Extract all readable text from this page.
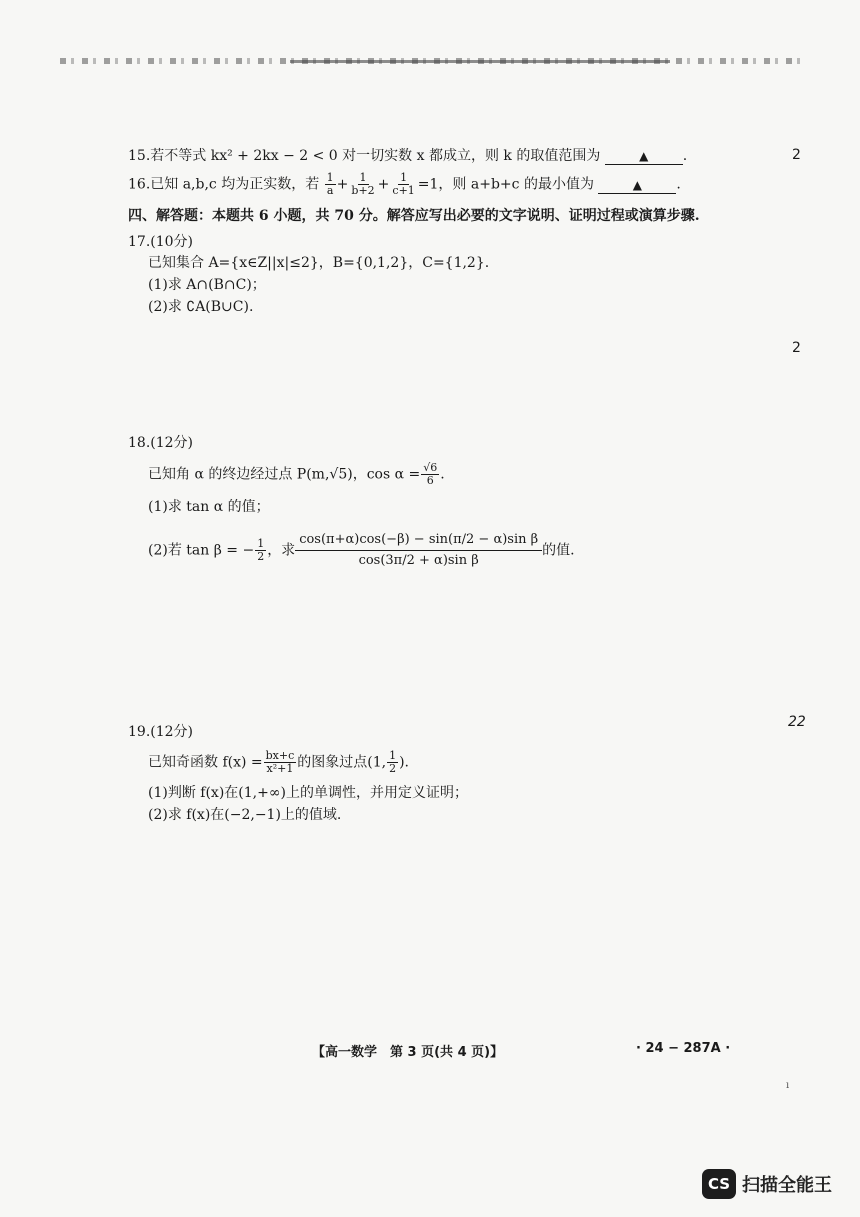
2
2
22
15.若不等式 kx² + 2kx − 2 < 0 对一切实数 x 都成立，则 k 的取值范围为	▲ .
16.已知 a,b,c 均为正实数，若 $\frac{1}{a} + \frac{1}{b+2} + \frac{1}{c+1} =1$，则 a+b+c 的最小值为	▲ .
四、解答题：本题共 6 小题，共 70 分。解答应写出必要的文字说明、证明过程或演算步骤.
17.(10分)
已知集合 A={x∈Z||x|≤2}，B={0,1,2}，C={1,2}.
(1)求 A∩(B∩C)；
(2)求 ∁A(B∪C).
18.(12分)
已知角 α 的终边经过点 P(m,√5)，$\cos \alpha = \frac{√6}{6}$ .
(1)求 tan α 的值；
(2)若 tan β = − $\frac{1}{2}$ ，求 $\frac{\text{cos(π+α)cos(−β) − sin(π/2 − α)sin β}}{\text{cos(3π/2 + α)sin β}}$ 的值.
19.(12分)
已知奇函数 $f(x) = \frac{bx+c}{\text{x²+1}}$ 的图象过点(1, $\frac{1}{2}$ ).
(1)判断 f(x)在(1,+∞)上的单调性，并用定义证明；
(2)求 f(x)在(−2,−1)上的值域.
【高一数学　第 3 页(共 4 页)】	· 24 − 287A ·
ı
CS 扫描全能王
